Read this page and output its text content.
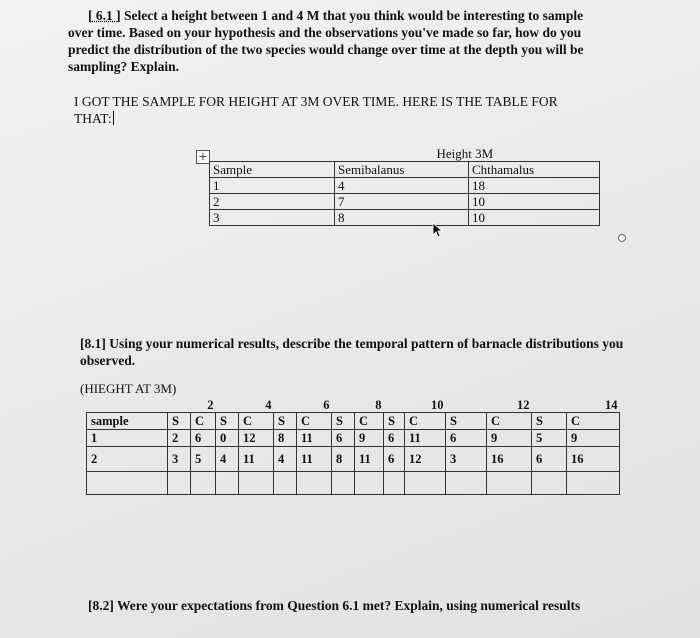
[ 6.1 ] Select a height between 1 and 4 M that you think would be interesting to sample
over time. Based on your hypothesis and the observations you've made so far, how do you
predict the distribution of the two species would change over time at the depth you will be
sampling? Explain.
I GOT THE SAMPLE FOR HEIGHT AT 3M OVER TIME. HERE IS THE TABLE FOR
THAT:
+
		Height 3M	
Sample	Semibalanus	Chthamalus
1	4	18
2	7	10
3	8	10
[8.1] Using your numerical results, describe the temporal pattern of barnacle distributions you
observed.
(HIEGHT AT 3M)
	2		4		6		8		10		12		14	
sample	S	C	S	C	S	C	S	C	S	C	S	C	S	C
1	2	6	0	12	8	11	6	9	6	11	6	9	5	9
2	3	5	4	11	4	11	8	11	6	12	3	16	6	16

[8.2] Were your expectations from Question 6.1 met? Explain, using numerical results
